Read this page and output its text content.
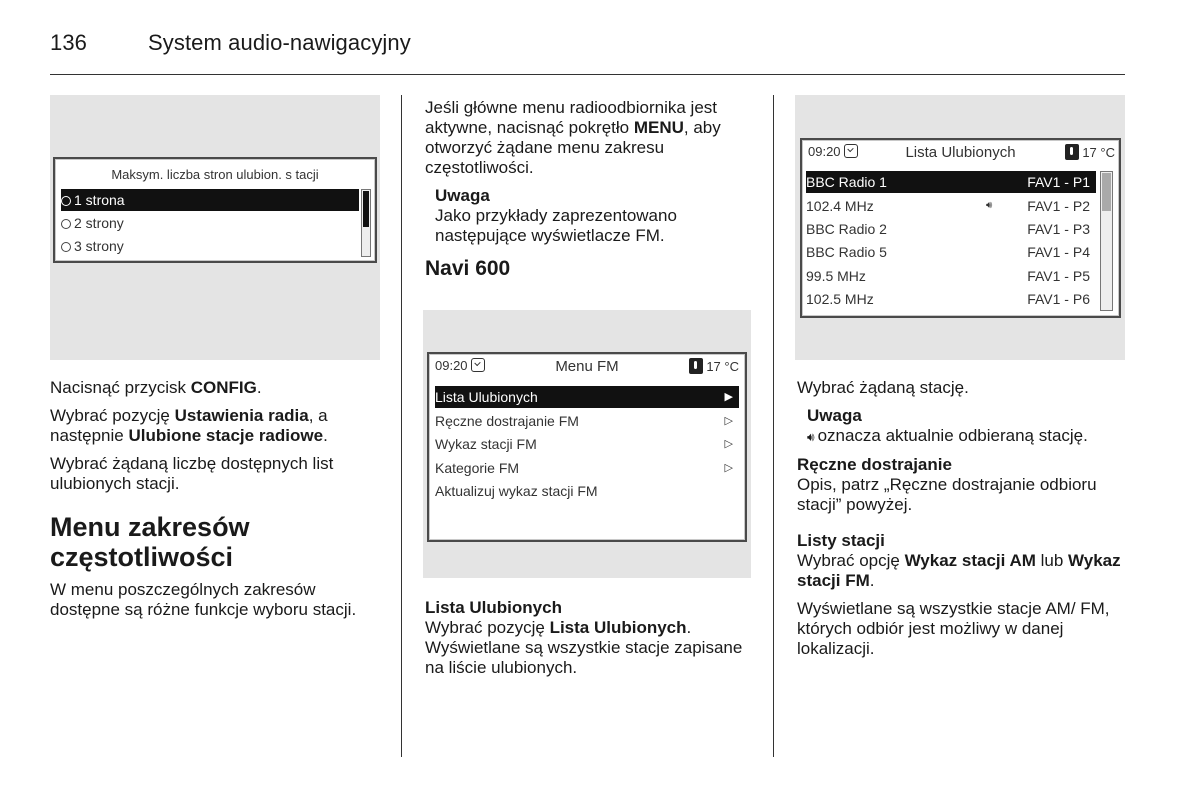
136	System audio-nawigacyjny
Maksym. liczba stron ulubion. s tacji
1 strona
2 strony
3 strony

Nacisnąć przycisk CONFIG.

Wybrać pozycję Ustawienia radia, a następnie Ulubione stacje radiowe.

Wybrać żądaną liczbę dostępnych list ulubionych stacji.

Menu zakresów częstotliwości

W menu poszczególnych zakresów dostępne są różne funkcje wyboru stacji.

Jeśli główne menu radioodbiornika jest aktywne, nacisnąć pokrętło MENU, aby otworzyć żądane menu zakresu częstotliwości.

Uwaga
Jako przykłady zaprezentowano następujące wyświetlacze FM.
Navi 600
09:20	Menu FM	17 °C
Lista Ulubionych	▶
Ręczne dostrajanie FM	▷
Wykaz stacji FM	▷
Kategorie FM	▷
Aktualizuj wykaz stacji FM
Lista Ulubionych

Wybrać pozycję Lista Ulubionych. Wyświetlane są wszystkie stacje zapisane na liście ulubionych.

09:20	Lista Ulubionych	17 °C
BBC Radio 1	FAV1 - P1
102.4 MHz	🔊︎ FAV1 - P2
BBC Radio 2	FAV1 - P3
BBC Radio 5	FAV1 - P4
99.5 MHz	FAV1 - P5
102.5 MHz	FAV1 - P6

Wybrać żądaną stację.

Uwaga
🔊︎ oznacza aktualnie odbieraną stację.
Ręczne dostrajanie

Opis, patrz „Ręczne dostrajanie odbioru stacji” powyżej.

Listy stacji

Wybrać opcję Wykaz stacji AM lub Wykaz stacji FM.

Wyświetlane są wszystkie stacje AM/ FM, których odbiór jest możliwy w danej lokalizacji.
